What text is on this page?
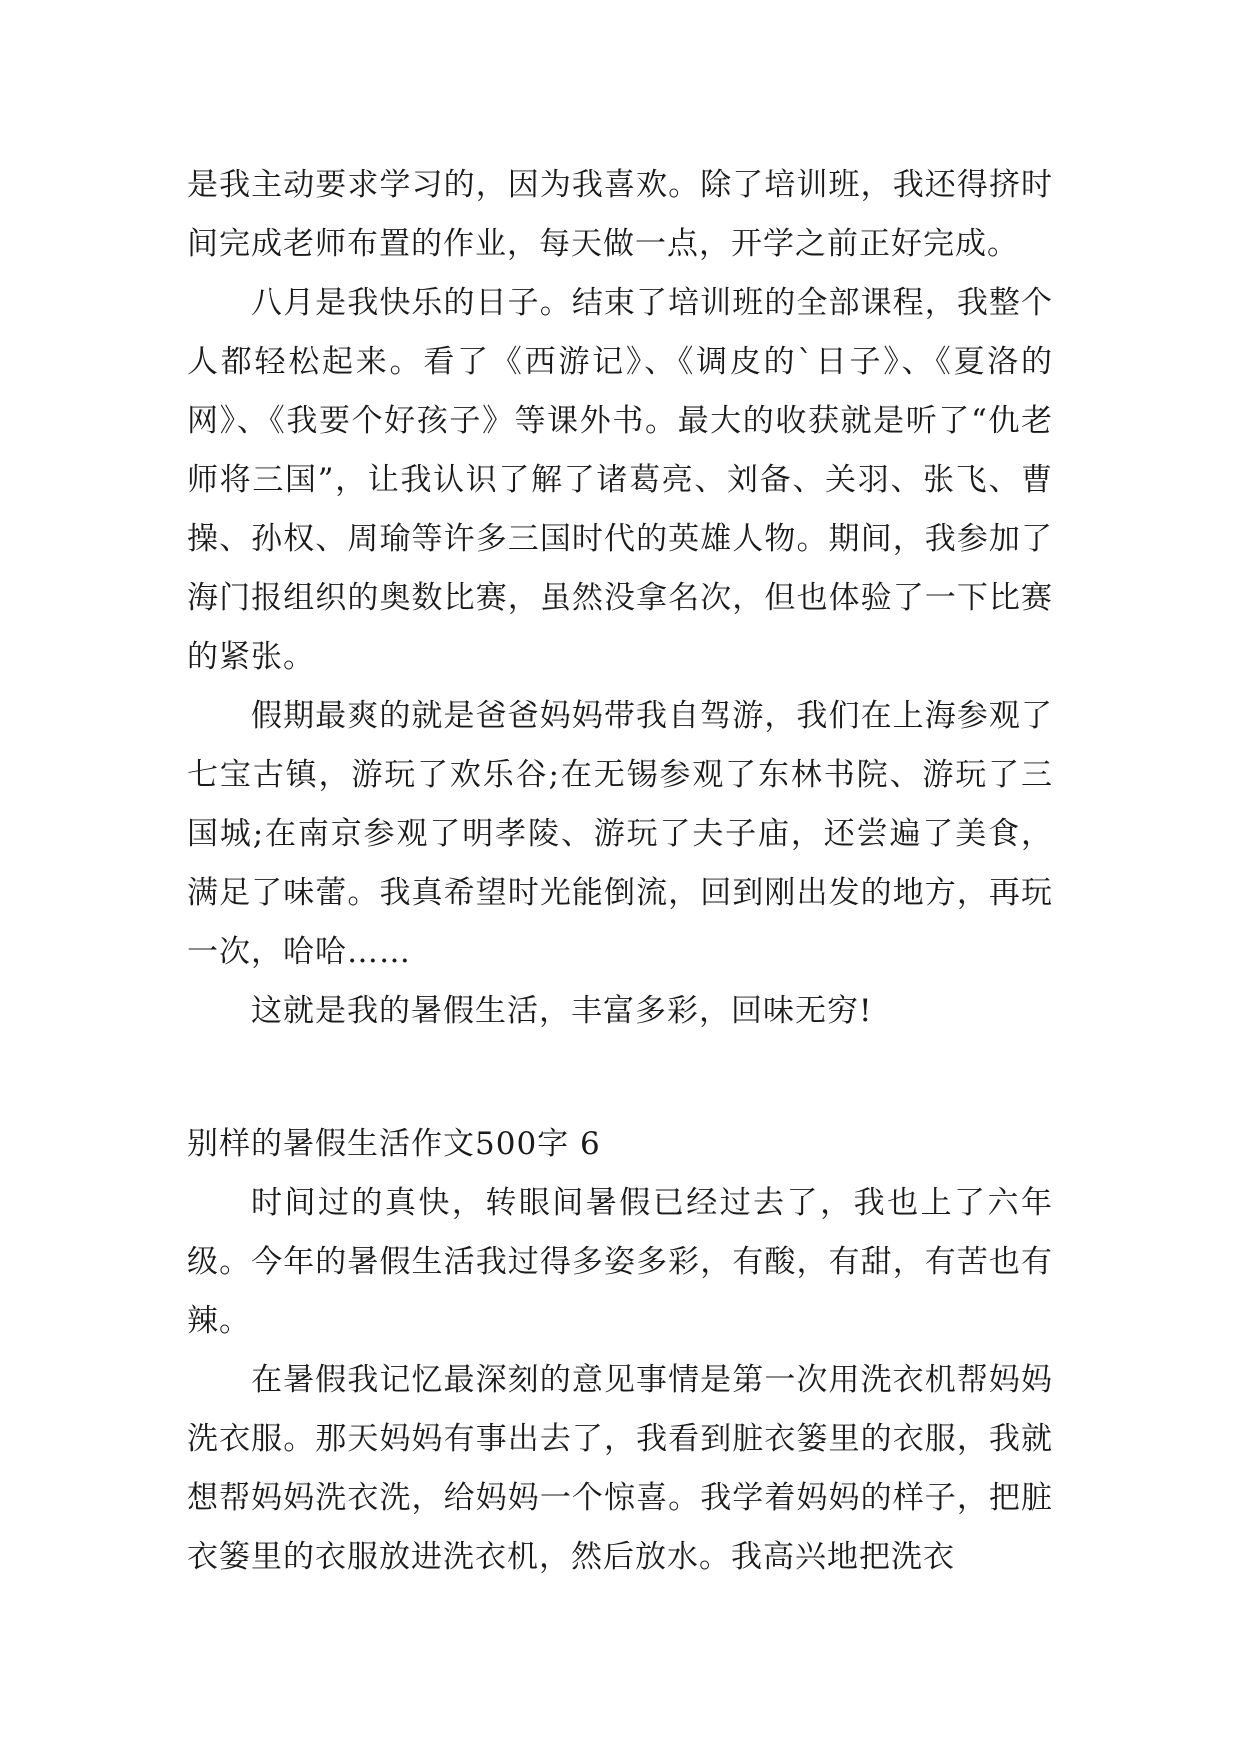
是我主动要求学习的，因为我喜欢。除了培训班，我还得挤时间完成老师布置的作业，每天做一点，开学之前正好完成。

八月是我快乐的日子。结束了培训班的全部课程，我整个人都轻松起来。看了《西游记》、《调皮的`日子》、《夏洛的网》、《我要个好孩子》等课外书。最大的收获就是听了“仇老师将三国”，让我认识了解了诸葛亮、刘备、关羽、张飞、曹操、孙权、周瑜等许多三国时代的英雄人物。期间，我参加了海门报组织的奥数比赛，虽然没拿名次，但也体验了一下比赛的紧张。

假期最爽的就是爸爸妈妈带我自驾游，我们在上海参观了七宝古镇，游玩了欢乐谷;在无锡参观了东林书院、游玩了三国城;在南京参观了明孝陵、游玩了夫子庙，还尝遍了美食，满足了味蕾。我真希望时光能倒流，回到刚出发的地方，再玩一次，哈哈……

这就是我的暑假生活，丰富多彩，回味无穷!

别样的暑假生活作文500字 6

时间过的真快，转眼间暑假已经过去了，我也上了六年级。今年的暑假生活我过得多姿多彩，有酸，有甜，有苦也有辣。

在暑假我记忆最深刻的意见事情是第一次用洗衣机帮妈妈洗衣服。那天妈妈有事出去了，我看到脏衣篓里的衣服，我就想帮妈妈洗衣洗，给妈妈一个惊喜。我学着妈妈的样子，把脏衣篓里的衣服放进洗衣机，然后放水。我高兴地把洗衣
